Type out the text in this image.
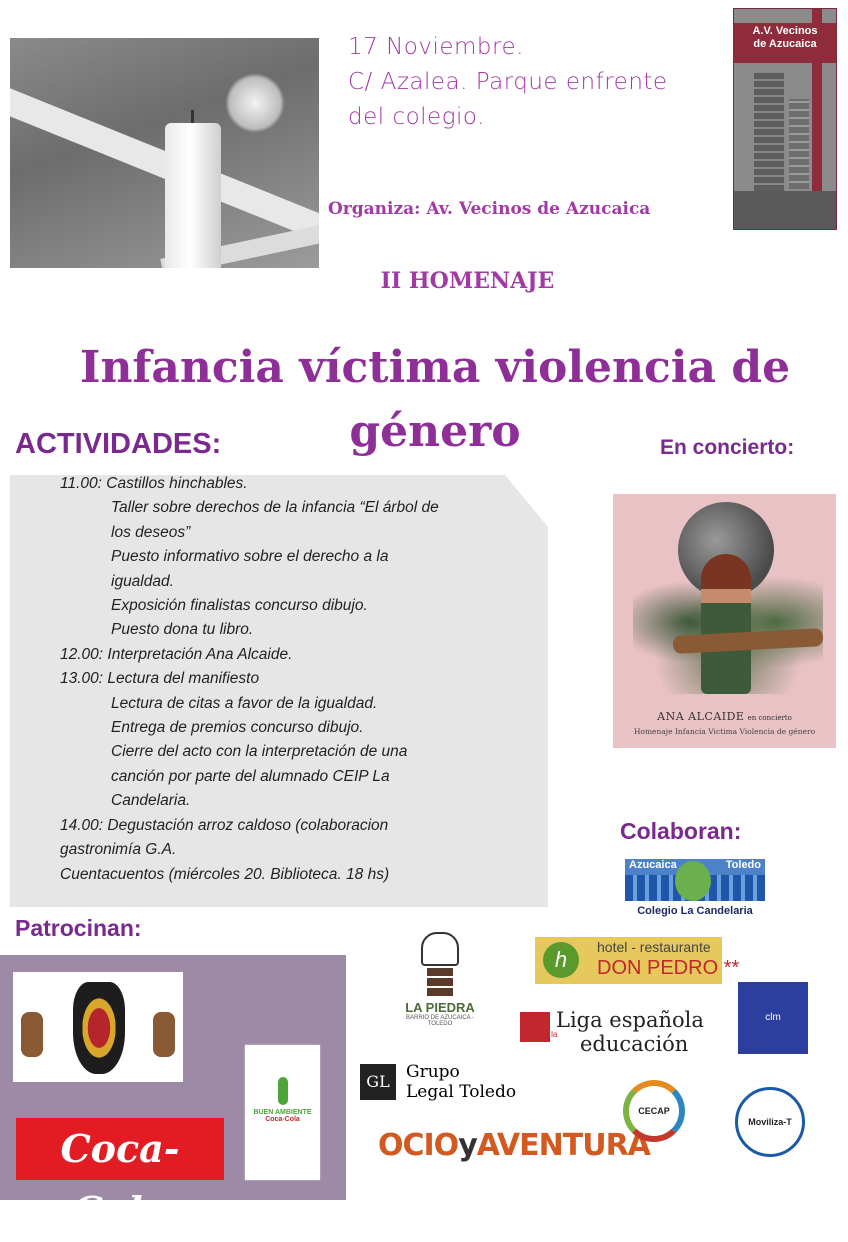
17 Noviembre.
C/ Azalea. Parque enfrente
del colegio.
A.V. Vecinos
de Azucaica
Organiza: Av. Vecinos de Azucaica
II HOMENAJE
Infancia víctima violencia de
género
ACTIVIDADES:	En concierto:
11.00: Castillos hinchables.
Taller sobre derechos de la infancia “El árbol de
los deseos”
Puesto informativo sobre el derecho a la
igualdad.
Exposición finalistas concurso dibujo.
Puesto dona tu libro.
12.00: Interpretación Ana Alcaide.
13.00: Lectura del manifiesto
Lectura de citas a favor de la igualdad.
Entrega de premios concurso dibujo.
Cierre del acto con la interpretación de una
canción por parte del alumnado CEIP La
Candelaria.
14.00: Degustación arroz caldoso (colaboracion
gastronimía G.A.
Cuentacuentos (miércoles 20. Biblioteca. 18 hs)
ANA ALCAIDE en concierto
Homenaje Infancia Victima Violencia de género
Colaboran:
Azucaica	Toledo
Colegio La Candelaria
Patrocinan:
Coca-Cola
BUEN AMBIENTE
Coca-Cola
LA PIEDRA
BARRIO DE AZUCAICA - TOLEDO
h	hotel - restaurante
DON PEDRO **
Liga española
de la educación
clm
GL Grupo
Legal Toledo
OCIOyAVENTURA
CECAP
Moviliza-T
